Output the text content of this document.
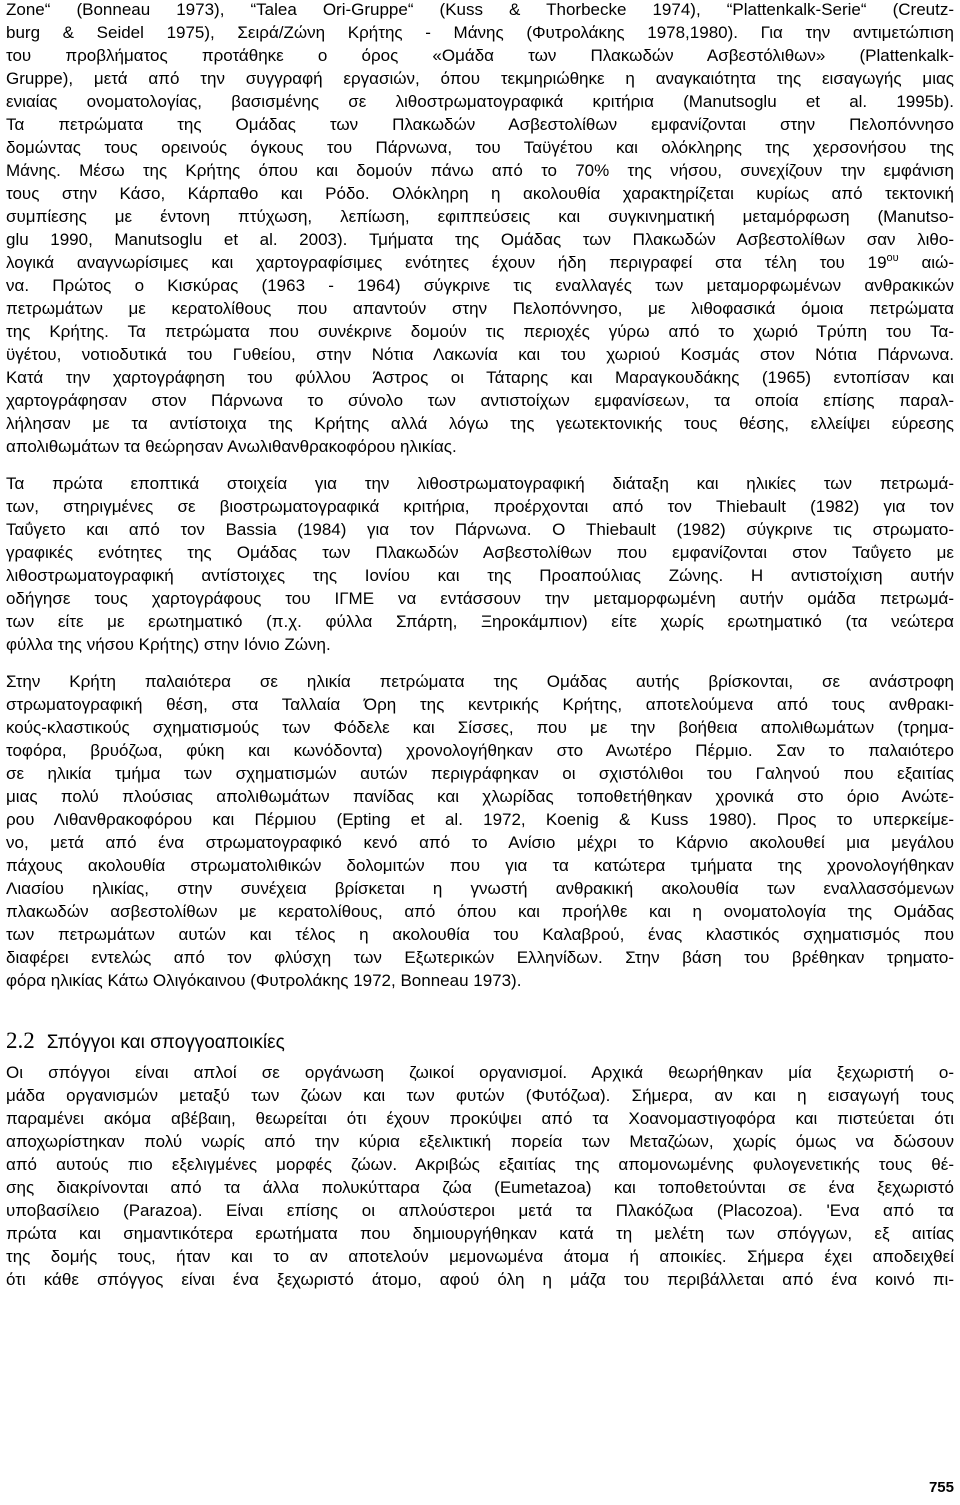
Zone“ (Bonneau 1973), “Talea Ori-Gruppe“ (Kuss & Thorbecke 1974), “Plattenkalk-Serie“ (Creutz-
burg & Seidel 1975), Σειρά/Ζώνη Κρήτης - Μάνης (Φυτρολάκης 1978,1980). Για την αντιμετώπιση
του προβλήματος προτάθηκε ο όρος «Ομάδα των Πλακωδών Ασβεστόλιθων» (Plattenkalk-
Gruppe), μετά από την συγγραφή εργασιών, όπου τεκμηριώθηκε η αναγκαιότητα της εισαγωγής μιας
ενιαίας ονοματολογίας, βασισμένης σε λιθοστρωματογραφικά κριτήρια (Manutsoglu et al. 1995b).
Τα πετρώματα της Ομάδας των Πλακωδών Ασβεστολίθων εμφανίζονται στην Πελοπόννησο
δομώντας τους ορεινούς όγκους του Πάρνωνα, του Ταϋγέτου και ολόκληρης της χερσονήσου της
Μάνης. Μέσω της Κρήτης όπου και δομούν πάνω από το 70% της νήσου, συνεχίζουν την εμφάνιση
τους στην Κάσο, Κάρπαθο και Ρόδο. Ολόκληρη η ακολουθία χαρακτηρίζεται κυρίως από τεκτονική
συμπίεσης με έντονη πτύχωση, λεπίωση, εφιππεύσεις και συγκινηματική μεταμόρφωση (Manutso-
glu 1990, Manutsoglu et al. 2003). Τμήματα της Ομάδας των Πλακωδών Ασβεστολίθων σαν λιθο-
λογικά αναγνωρίσιμες και χαρτογραφίσιμες ενότητες έχουν ήδη περιγραφεί στα τέλη του $19^{o\upsilon}$ αιώ-
να. Πρώτος ο Κισκύρας (1963 - 1964) σύγκρινε τις εναλλαγές των μεταμορφωμένων ανθρακικών
πετρωμάτων με κερατολίθους που απαντούν στην Πελοπόννησο, με λιθοφασικά όμοια πετρώματα
της Κρήτης. Τα πετρώματα που συνέκρινε δομούν τις περιοχές γύρω από το χωριό Τρύπη του Τα-
ϋγέτου, νοτιοδυτικά του Γυθείου, στην Νότια Λακωνία και του χωριού Κοσμάς στον Νότια Πάρνωνα.
Κατά την χαρτογράφηση του φύλλου Άστρος οι Τάταρης και Μαραγκουδάκης (1965) εντοπίσαν και
χαρτογράφησαν στον Πάρνωνα το σύνολο των αντιστοίχων εμφανίσεων, τα οποία επίσης παραλ-
λήλησαν με τα αντίστοιχα της Κρήτης αλλά λόγω της γεωτεκτονικής τους θέσης, ελλείψει εύρεσης
απολιθωμάτων τα θεώρησαν Ανωλιθανθρακοφόρου ηλικίας.
Τα πρώτα εποπτικά στοιχεία για την λιθοστρωματογραφική διάταξη και ηλικίες των πετρωμά-
των, στηριγμένες σε βιοστρωματογραφικά κριτήρια, προέρχονται από τον Thiebault (1982) για τον
Ταΰγετο και από τον Bassia (1984) για τον Πάρνωνα. Ο Thiebault (1982) σύγκρινε τις στρωματο-
γραφικές ενότητες της Ομάδας των Πλακωδών Ασβεστολίθων που εμφανίζονται στον Ταΰγετο με
λιθοστρωματογραφική αντίστοιχες της Ιονίου και της Προαπούλιας Ζώνης. Η αντιστοίχιση αυτήν
οδήγησε τους χαρτογράφους του ΙΓΜΕ να εντάσσουν την μεταμορφωμένη αυτήν ομάδα πετρωμά-
των είτε με ερωτηματικό (π.χ. φύλλα Σπάρτη, Ξηροκάμπιον) είτε χωρίς ερωτηματικό (τα νεώτερα
φύλλα της νήσου Κρήτης) στην Ιόνιο Ζώνη.
Στην Κρήτη παλαιότερα σε ηλικία πετρώματα της Ομάδας αυτής βρίσκονται, σε ανάστροφη
στρωματογραφική θέση, στα Ταλλαία Όρη της κεντρικής Κρήτης, αποτελούμενα από τους ανθρακι-
κούς-κλαστικούς σχηματισμούς των Φόδελε και Σίσσες, που με την βοήθεια απολιθωμάτων (τρημα-
τοφόρα, βρυόζωα, φύκη και κωνόδοντα) χρονολογήθηκαν στο Ανωτέρο Πέρμιο. Σαν το παλαιότερο
σε ηλικία τμήμα των σχηματισμών αυτών περιγράφηκαν οι σχιστόλιθοι του Γαληνού που εξαιτίας
μιας πολύ πλούσιας απολιθωμάτων πανίδας και χλωρίδας τοποθετήθηκαν χρονικά στο όριο Ανώτε-
ρου Λιθανθρακοφόρου και Πέρμιου (Epting et al. 1972, Koenig & Kuss 1980). Προς το υπερκείμε-
νο, μετά από ένα στρωματογραφικό κενό από το Ανίσιο μέχρι το Κάρνιο ακολουθεί μια μεγάλου
πάχους ακολουθία στρωματολιθικών δολομιτών που για τα κατώτερα τμήματα της χρονολογήθηκαν
Λιασίου ηλικίας, στην συνέχεια βρίσκεται η γνωστή ανθρακική ακολουθία των εναλλασσόμενων
πλακωδών ασβεστολίθων με κερατολίθους, από όπου και προήλθε και η ονοματολογία της Ομάδας
των πετρωμάτων αυτών και τέλος η ακολουθία του Καλαβρού, ένας κλαστικός σχηματισμός που
διαφέρει εντελώς από τον φλύσχη των Εξωτερικών Ελληνίδων. Στην βάση του βρέθηκαν τρηματο-
φόρα ηλικίας Κάτω Ολιγόκαινου (Φυτρολάκης 1972, Bonneau 1973).
2.2 Σπόγγοι και σπογγοαποικίες
Οι σπόγγοι είναι απλοί σε οργάνωση ζωικοί οργανισμοί. Αρχικά θεωρήθηκαν μία ξεχωριστή ο-
μάδα οργανισμών μεταξύ των ζώων και των φυτών (Φυτόζωα). Σήμερα, αν και η εισαγωγή τους
παραμένει ακόμα αβέβαιη, θεωρείται ότι έχουν προκύψει από τα Χοανομαστιγοφόρα και πιστεύεται ότι
αποχωρίστηκαν πολύ νωρίς από την κύρια εξελικτική πορεία των Μεταζώων, χωρίς όμως να δώσουν
από αυτούς πιο εξελιγμένες μορφές ζώων. Ακριβώς εξαιτίας της απομονωμένης φυλογενετικής τους θέ-
σης διακρίνονται από τα άλλα πολυκύτταρα ζώα (Eumetazoa) και τοποθετούνται σε ένα ξεχωριστό
υποβασίλειο (Parazoa). Είναι επίσης οι απλούστεροι μετά τα Πλακόζωα (Placozoa). 'Ενα από τα
πρώτα και σημαντικότερα ερωτήματα που δημιουργήθηκαν κατά τη μελέτη των σπόγγων, εξ αιτίας
της δομής τους, ήταν και το αν αποτελούν μεμονωμένα άτομα ή αποικίες. Σήμερα έχει αποδειχθεί
ότι κάθε σπόγγος είναι ένα ξεχωριστό άτομο, αφού όλη η μάζα του περιβάλλεται από ένα κοινό πι-
755
